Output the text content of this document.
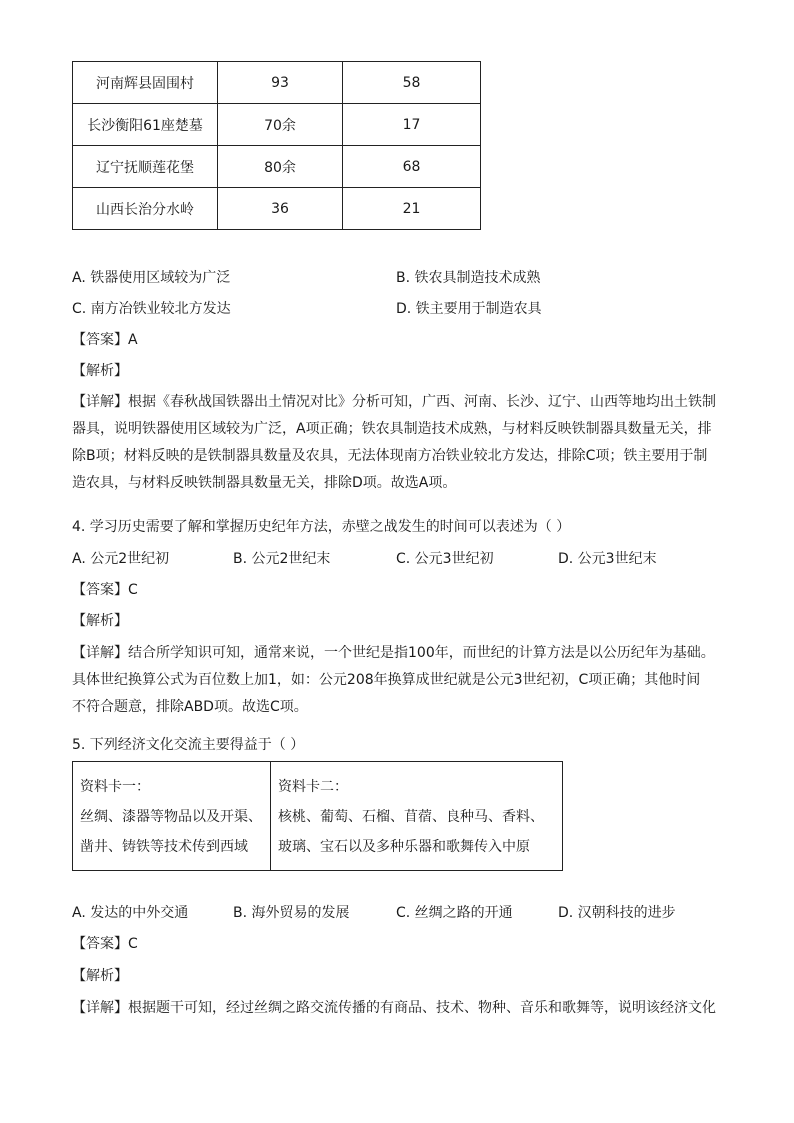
河南辉县固围村	93	58
长沙衡阳61座楚墓	70余	17
辽宁抚顺莲花堡	80余	68
山西长治分水岭	36	21
A. 铁器使用区域较为广泛	B. 铁农具制造技术成熟
C. 南方冶铁业较北方发达	D. 铁主要用于制造农具
【答案】A
【解析】
【详解】根据《春秋战国铁器出土情况对比》分析可知，广西、河南、长沙、辽宁、山西等地均出土铁制
器具，说明铁器使用区域较为广泛，A项正确；铁农具制造技术成熟，与材料反映铁制器具数量无关，排
除B项；材料反映的是铁制器具数量及农具，无法体现南方冶铁业较北方发达，排除C项；铁主要用于制
造农具，与材料反映铁制器具数量无关，排除D项。故选A项。
4. 学习历史需要了解和掌握历史纪年方法，赤壁之战发生的时间可以表述为（ ）
A. 公元2世纪初	B. 公元2世纪末	C. 公元3世纪初	D. 公元3世纪末
【答案】C
【解析】
【详解】结合所学知识可知，通常来说，一个世纪是指100年，而世纪的计算方法是以公历纪年为基础。
具体世纪换算公式为百位数上加1，如：公元208年换算成世纪就是公元3世纪初，C项正确；其他时间
不符合题意，排除ABD项。故选C项。
5. 下列经济文化交流主要得益于（ ）
资料卡一：
丝绸、漆器等物品以及开渠、
凿井、铸铁等技术传到西域

资料卡二：
核桃、葡萄、石榴、苜蓿、良种马、香料、
玻璃、宝石以及多种乐器和歌舞传入中原
A. 发达的中外交通	B. 海外贸易的发展	C. 丝绸之路的开通	D. 汉朝科技的进步
【答案】C
【解析】
【详解】根据题干可知，经过丝绸之路交流传播的有商品、技术、物种、音乐和歌舞等，说明该经济文化
